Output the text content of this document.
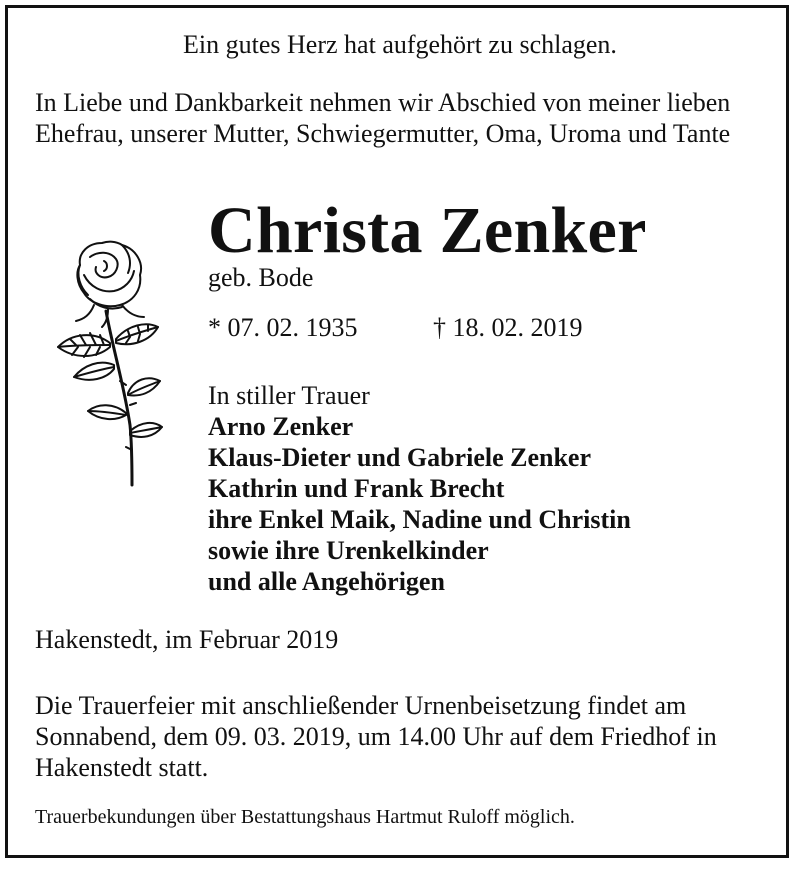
Ein gutes Herz hat aufgehört zu schlagen.
In Liebe und Dankbarkeit nehmen wir Abschied von meiner lieben Ehefrau, unserer Mutter, Schwiegermutter, Oma, Uroma und Tante
Christa Zenker
geb. Bode
* 07. 02. 1935	† 18. 02. 2019
In stiller Trauer
Arno Zenker
Klaus-Dieter und Gabriele Zenker
Kathrin und Frank Brecht
ihre Enkel Maik, Nadine und Christin
sowie ihre Urenkelkinder
und alle Angehörigen
Hakenstedt, im Februar 2019
Die Trauerfeier mit anschließender Urnenbeisetzung findet am Sonnabend, dem 09. 03. 2019, um 14.00 Uhr auf dem Friedhof in Hakenstedt statt.
Trauerbekundungen über Bestattungshaus Hartmut Ruloff möglich.
